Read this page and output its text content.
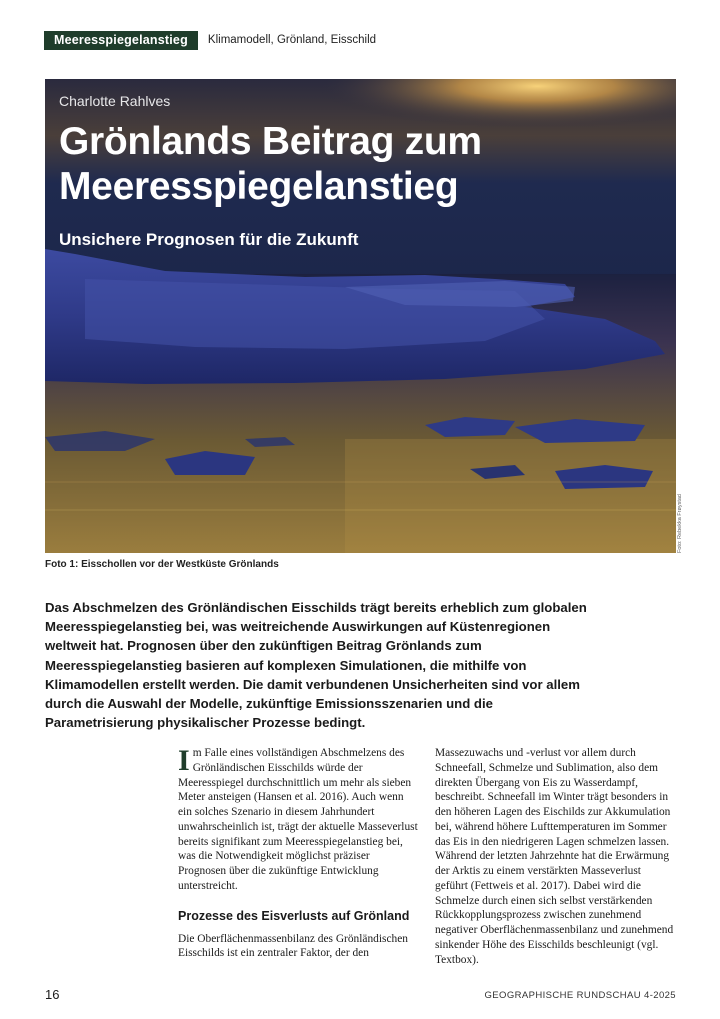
Meeresspiegelanstieg	Klimamodell, Grönland, Eisschild
Charlotte Rahlves
Grönlands Beitrag zum Meeresspiegelanstieg
Unsichere Prognosen für die Zukunft
Foto: Rebekka Frøystad
Foto 1: Eisschollen vor der Westküste Grönlands

Das Abschmelzen des Grönländischen Eisschilds trägt bereits erheblich zum globalen Meeresspiegelanstieg bei, was weitreichende Auswirkungen auf Küstenregionen weltweit hat. Prognosen über den zukünftigen Beitrag Grönlands zum Meeresspiegelanstieg basieren auf komplexen Simulationen, die mithilfe von Klimamodellen erstellt werden. Die damit verbundenen Unsicherheiten sind vor allem durch die Auswahl der Modelle, zukünftige Emissionsszenarien und die Parametrisierung physikalischer Prozesse bedingt.

Im Falle eines vollständigen Abschmelzens des Grönländischen Eisschilds würde der Meeresspiegel durchschnittlich um mehr als sieben Meter ansteigen (Hansen et al. 2016). Auch wenn ein solches Szenario in diesem Jahrhundert unwahrscheinlich ist, trägt der aktuelle Masseverlust bereits signifikant zum Meeresspiegelanstieg bei, was die Notwendigkeit möglichst präziser Prognosen über die zukünftige Entwicklung unterstreicht.

Prozesse des Eisverlusts auf Grönland

Die Oberflächenmassenbilanz des Grönländischen Eisschilds ist ein zentraler Faktor, der den

Massezuwachs und -verlust vor allem durch Schneefall, Schmelze und Sublimation, also dem direkten Übergang von Eis zu Wasserdampf, beschreibt. Schneefall im Winter trägt besonders in den höheren Lagen des Eischilds zur Akkumulation bei, während höhere Lufttemperaturen im Sommer das Eis in den niedrigeren Lagen schmelzen lassen. Während der letzten Jahrzehnte hat die Erwärmung der Arktis zu einem verstärkten Masseverlust geführt (Fettweis et al. 2017). Dabei wird die Schmelze durch einen sich selbst verstärkenden Rückkopplungsprozess zwischen zunehmend negativer Oberflächenmassenbilanz und zunehmend sinkender Höhe des Eisschilds beschleunigt (vgl. Textbox).

16	GEOGRAPHISCHE RUNDSCHAU 4-2025
